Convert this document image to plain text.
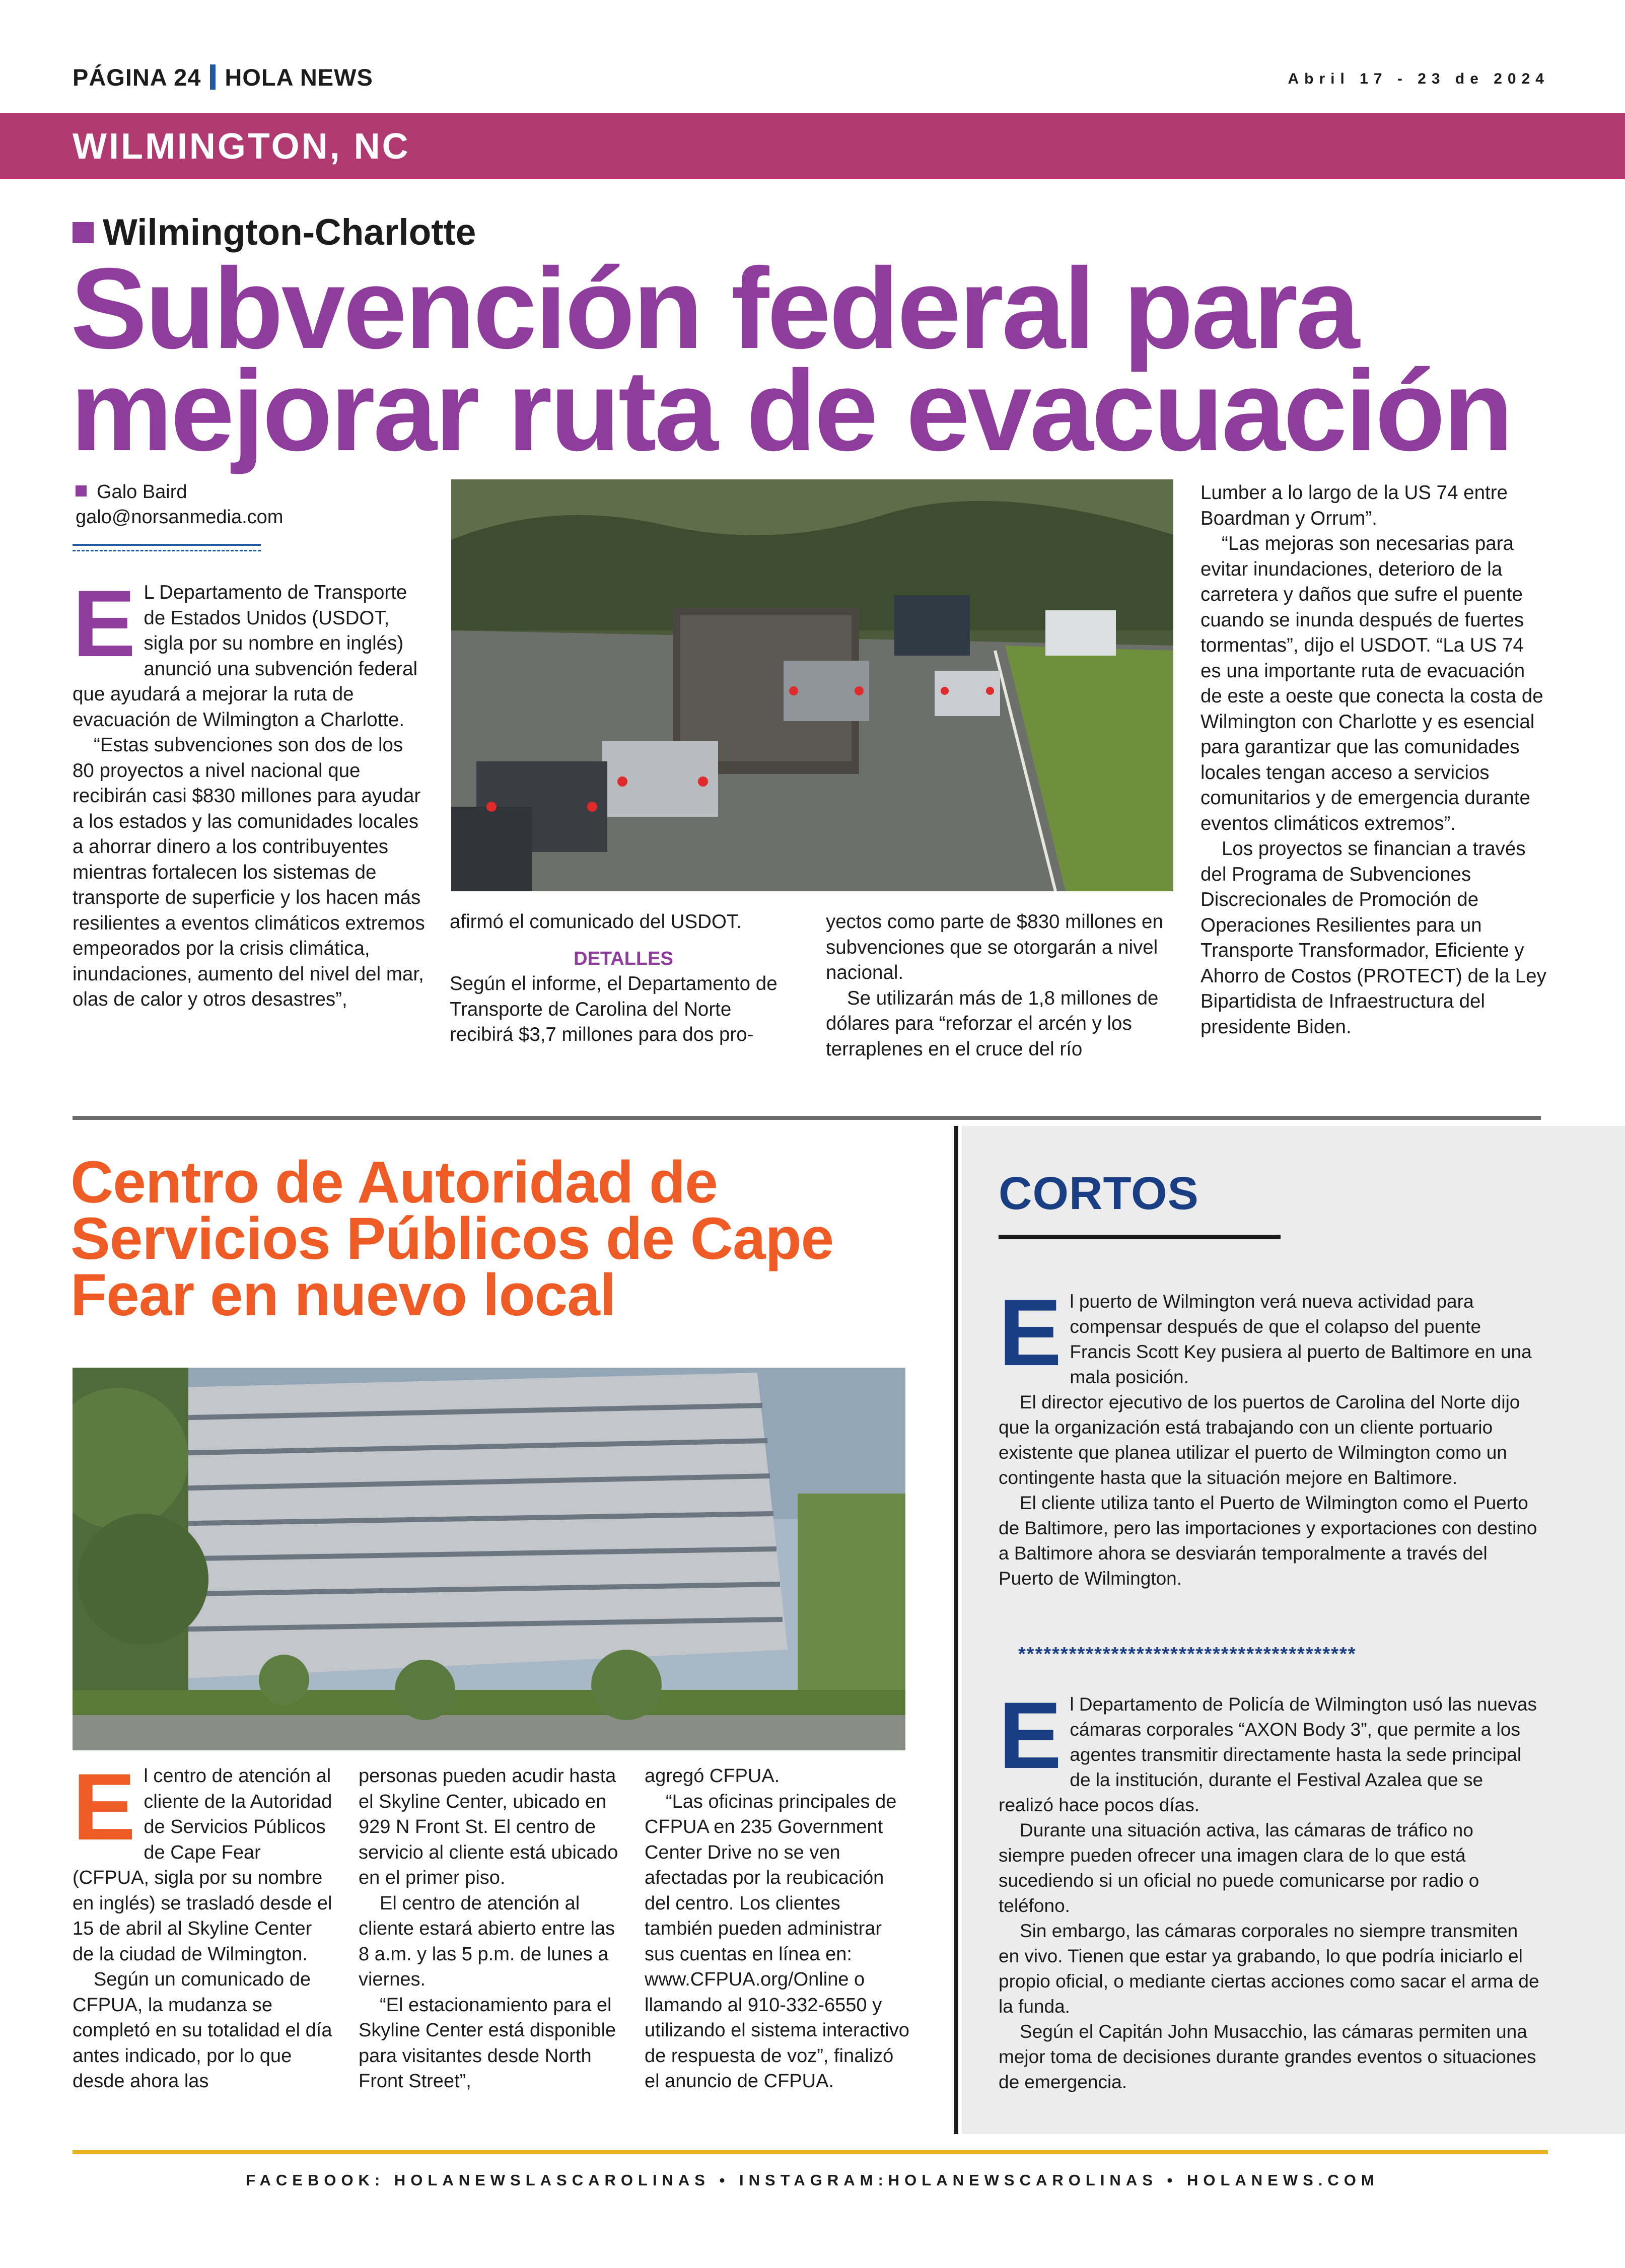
PÁGINA 24 HOLA NEWS	Abril 17 - 23 de 2024
WILMINGTON, NC
Wilmington-Charlotte
Subvención federal para
mejorar ruta de evacuación
Galo Baird
galo@norsanmedia.com

E L Departamento de Transporte de Estados Unidos (USDOT, sigla por su nombre en inglés) anunció una subvención federal que ayudará a mejorar la ruta de evacuación de Wilmington a Charlotte.

“Estas subvenciones son dos de los 80 proyectos a nivel nacional que recibirán casi $830 millones para ayudar a los estados y las comunidades locales a ahorrar dinero a los contribuyentes mientras fortalecen los sistemas de transporte de superficie y los hacen más resilientes a eventos climáticos extremos empeorados por la crisis climática, inundaciones, aumento del nivel del mar, olas de calor y otros desastres”,

afirmó el comunicado del USDOT.

DETALLES

Según el informe, el Departamento de Transporte de Carolina del Norte recibirá $3,7 millones para dos pro-

yectos como parte de $830 millones en subvenciones que se otorgarán a nivel nacional.

Se utilizarán más de 1,8 millones de dólares para “reforzar el arcén y los terraplenes en el cruce del río

Lumber a lo largo de la US 74 entre Boardman y Orrum”.

“Las mejoras son necesarias para evitar inundaciones, deterioro de la carretera y daños que sufre el puente cuando se inunda después de fuertes tormentas”, dijo el USDOT. “La US 74 es una importante ruta de evacuación de este a oeste que conecta la costa de Wilmington con Charlotte y es esencial para garantizar que las comunidades locales tengan acceso a servicios comunitarios y de emergencia durante eventos climáticos extremos”.

Los proyectos se financian a través del Programa de Subvenciones Discrecionales de Promoción de Operaciones Resilientes para un Transporte Transformador, Eficiente y Ahorro de Costos (PROTECT) de la Ley Bipartidista de Infraestructura del presidente Biden.

Centro de Autoridad de Servicios Públicos de Cape Fear en nuevo local

El centro de atención al cliente de la Autoridad de Servicios Públicos de Cape Fear (CFPUA, sigla por su nombre en inglés) se trasladó desde el 15 de abril al Skyline Center de la ciudad de Wilmington.

Según un comunicado de CFPUA, la mudanza se completó en su totalidad el día antes indicado, por lo que desde ahora las

personas pueden acudir hasta el Skyline Center, ubicado en 929 N Front St. El centro de servicio al cliente está ubicado en el primer piso.

El centro de atención al cliente estará abierto entre las 8 a.m. y las 5 p.m. de lunes a viernes.

“El estacionamiento para el Skyline Center está disponible para visitantes desde North Front Street”,

agregó CFPUA.

“Las oficinas principales de CFPUA en 235 Government Center Drive no se ven afectadas por la reubicación del centro. Los clientes también pueden administrar sus cuentas en línea en: www.CFPUA.org/Online o llamando al 910-332-6550 y utilizando el sistema interactivo de respuesta de voz”, finalizó el anuncio de CFPUA.

CORTOS

El puerto de Wilmington verá nueva actividad para compensar después de que el colapso del puente Francis Scott Key pusiera al puerto de Baltimore en una mala posición.

El director ejecutivo de los puertos de Carolina del Norte dijo que la organización está trabajando con un cliente portuario existente que planea utilizar el puerto de Wilmington como un contingente hasta que la situación mejore en Baltimore.

El cliente utiliza tanto el Puerto de Wilmington como el Puerto de Baltimore, pero las importaciones y exportaciones con destino a Baltimore ahora se desviarán temporalmente a través del Puerto de Wilmington.

****************************************

El Departamento de Policía de Wilmington usó las nuevas cámaras corporales “AXON Body 3”, que permite a los agentes transmitir directamente hasta la sede principal de la institución, durante el Festival Azalea que se realizó hace pocos días.

Durante una situación activa, las cámaras de tráfico no siempre pueden ofrecer una imagen clara de lo que está sucediendo si un oficial no puede comunicarse por radio o teléfono.

Sin embargo, las cámaras corporales no siempre transmiten en vivo. Tienen que estar ya grabando, lo que podría iniciarlo el propio oficial, o mediante ciertas acciones como sacar el arma de la funda.

Según el Capitán John Musacchio, las cámaras permiten una mejor toma de decisiones durante grandes eventos o situaciones de emergencia.

FACEBOOK: HOLANEWSLASCAROLINAS • INSTAGRAM:HOLANEWSCAROLINAS • HOLANEWS.COM
